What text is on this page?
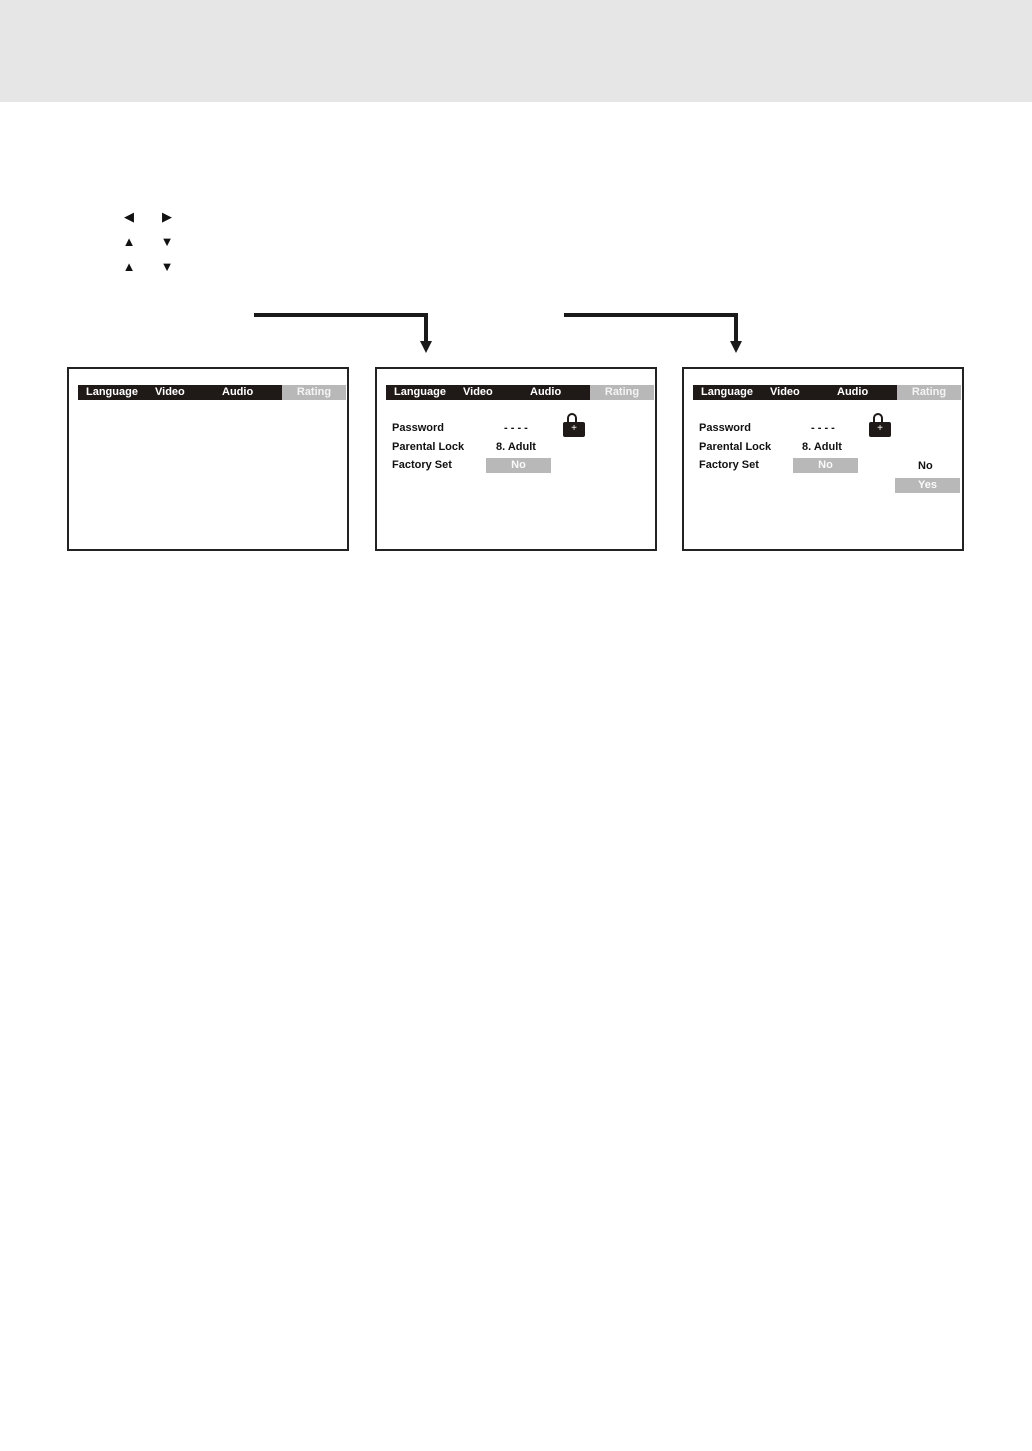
◀ ▶
▲ ▼
▲ ▼
Language	Video	Audio	Rating	Language	Video	Audio	Rating
Password	- - - -	+
Parental Lock	8. Adult
Factory Set	No
Language	Video	Audio	Rating
Password	- - - -	+
Parental Lock	8. Adult
Factory Set	No	No
Yes
